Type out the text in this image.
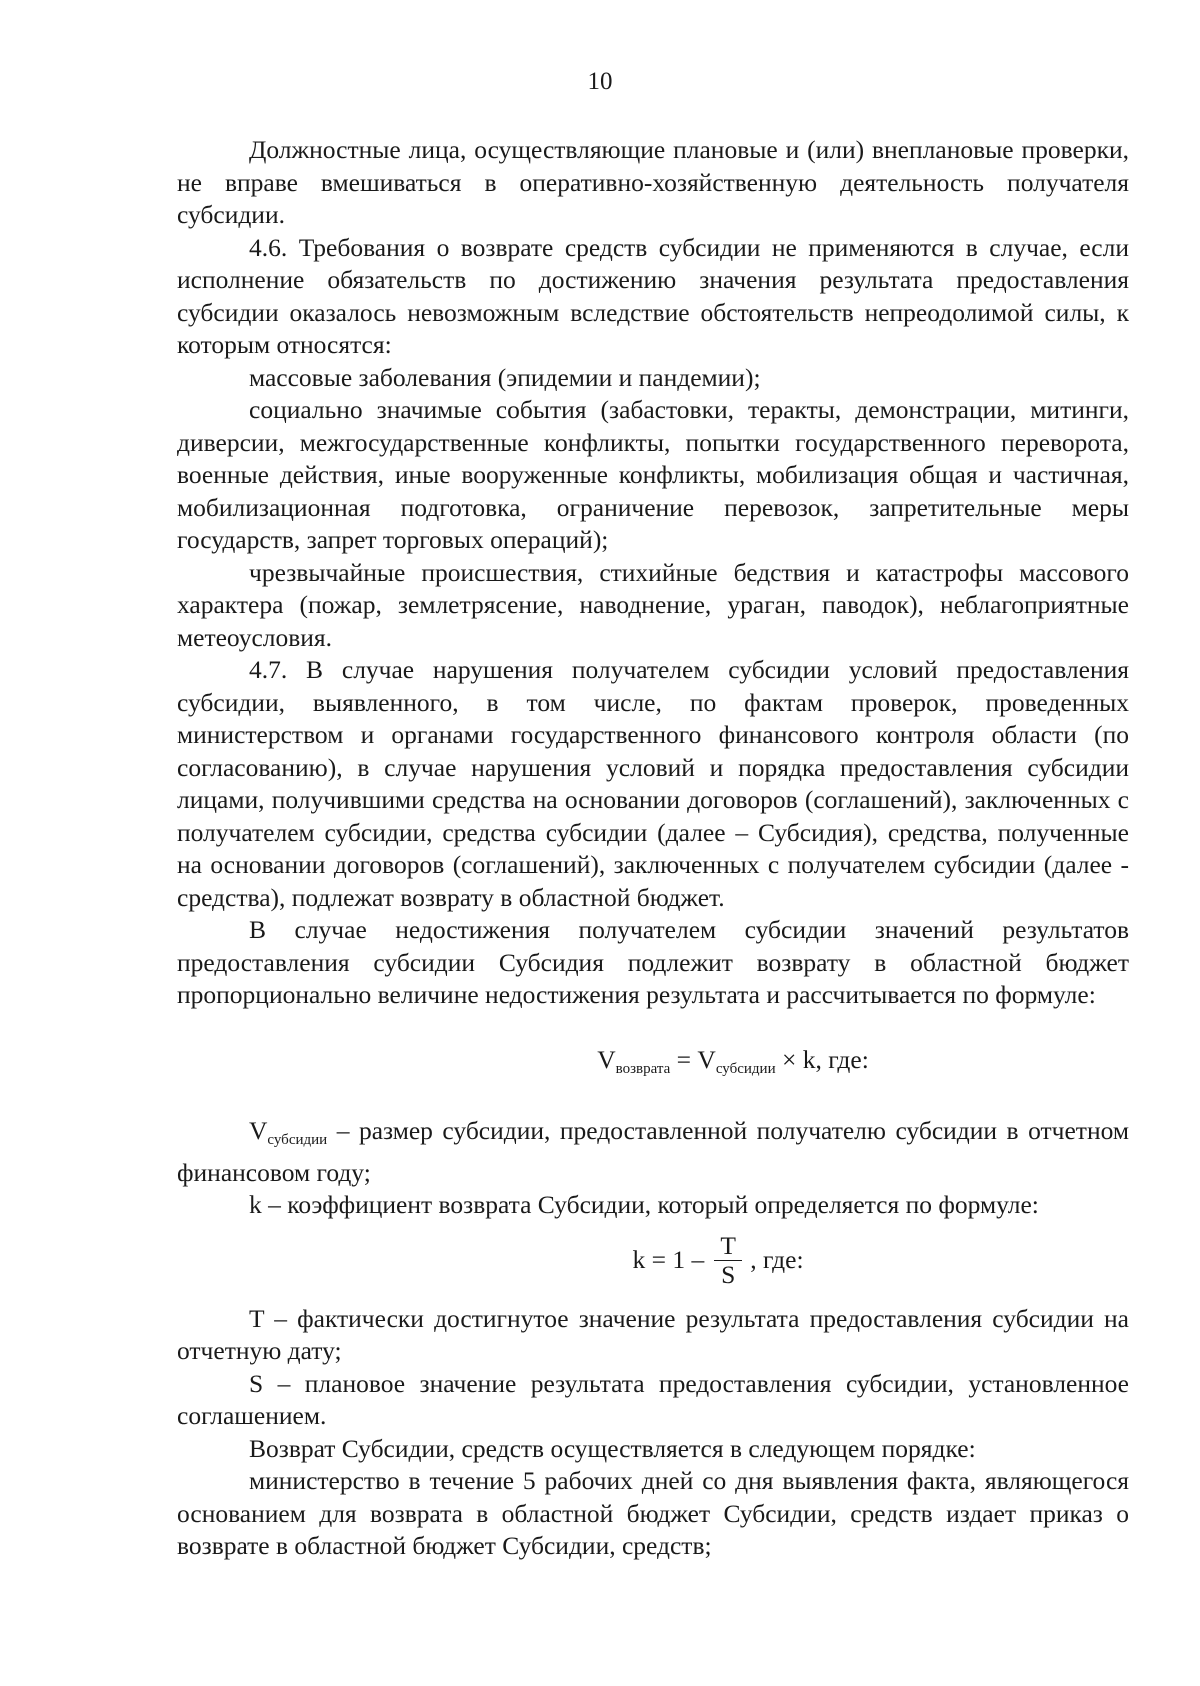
10

Должностные лица, осуществляющие плановые и (или) внеплановые проверки, не вправе вмешиваться в оперативно-хозяйственную деятельность получателя субсидии.

4.6. Требования о возврате средств субсидии не применяются в случае, если исполнение обязательств по достижению значения результата предоставления субсидии оказалось невозможным вследствие обстоятельств непреодолимой силы, к которым относятся:

массовые заболевания (эпидемии и пандемии);

социально значимые события (забастовки, теракты, демонстрации, митинги, диверсии, межгосударственные конфликты, попытки государственного переворота, военные действия, иные вооруженные конфликты, мобилизация общая и частичная, мобилизационная подготовка, ограничение перевозок, запретительные меры государств, запрет торговых операций);

чрезвычайные происшествия, стихийные бедствия и катастрофы массового характера (пожар, землетрясение, наводнение, ураган, паводок), неблагоприятные метеоусловия.

4.7. В случае нарушения получателем субсидии условий предоставления субсидии, выявленного, в том числе, по фактам проверок, проведенных министерством и органами государственного финансового контроля области (по согласованию), в случае нарушения условий и порядка предоставления субсидии лицами, получившими средства на основании договоров (соглашений), заключенных с получателем субсидии, средства субсидии (далее – Субсидия), средства, полученные на основании договоров (соглашений), заключенных с получателем субсидии (далее - средства), подлежат возврату в областной бюджет.

В случае недостижения получателем субсидии значений результатов предоставления субсидии Субсидия подлежит возврату в областной бюджет пропорционально величине недостижения результата и рассчитывается по формуле:

$V_{возврата} = V_{субсидии} \times k$, где:

$V_{субсидии}$ – размер субсидии, предоставленной получателю субсидии в отчетном финансовом году;

k – коэффициент возврата Субсидии, который определяется по формуле:

$k = 1 - \frac{T}{S}$ , где:

T – фактически достигнутое значение результата предоставления субсидии на отчетную дату;

S – плановое значение результата предоставления субсидии, установленное соглашением.

Возврат Субсидии, средств осуществляется в следующем порядке:

министерство в течение 5 рабочих дней со дня выявления факта, являющегося основанием для возврата в областной бюджет Субсидии, средств издает приказ о возврате в областной бюджет Субсидии, средств;
